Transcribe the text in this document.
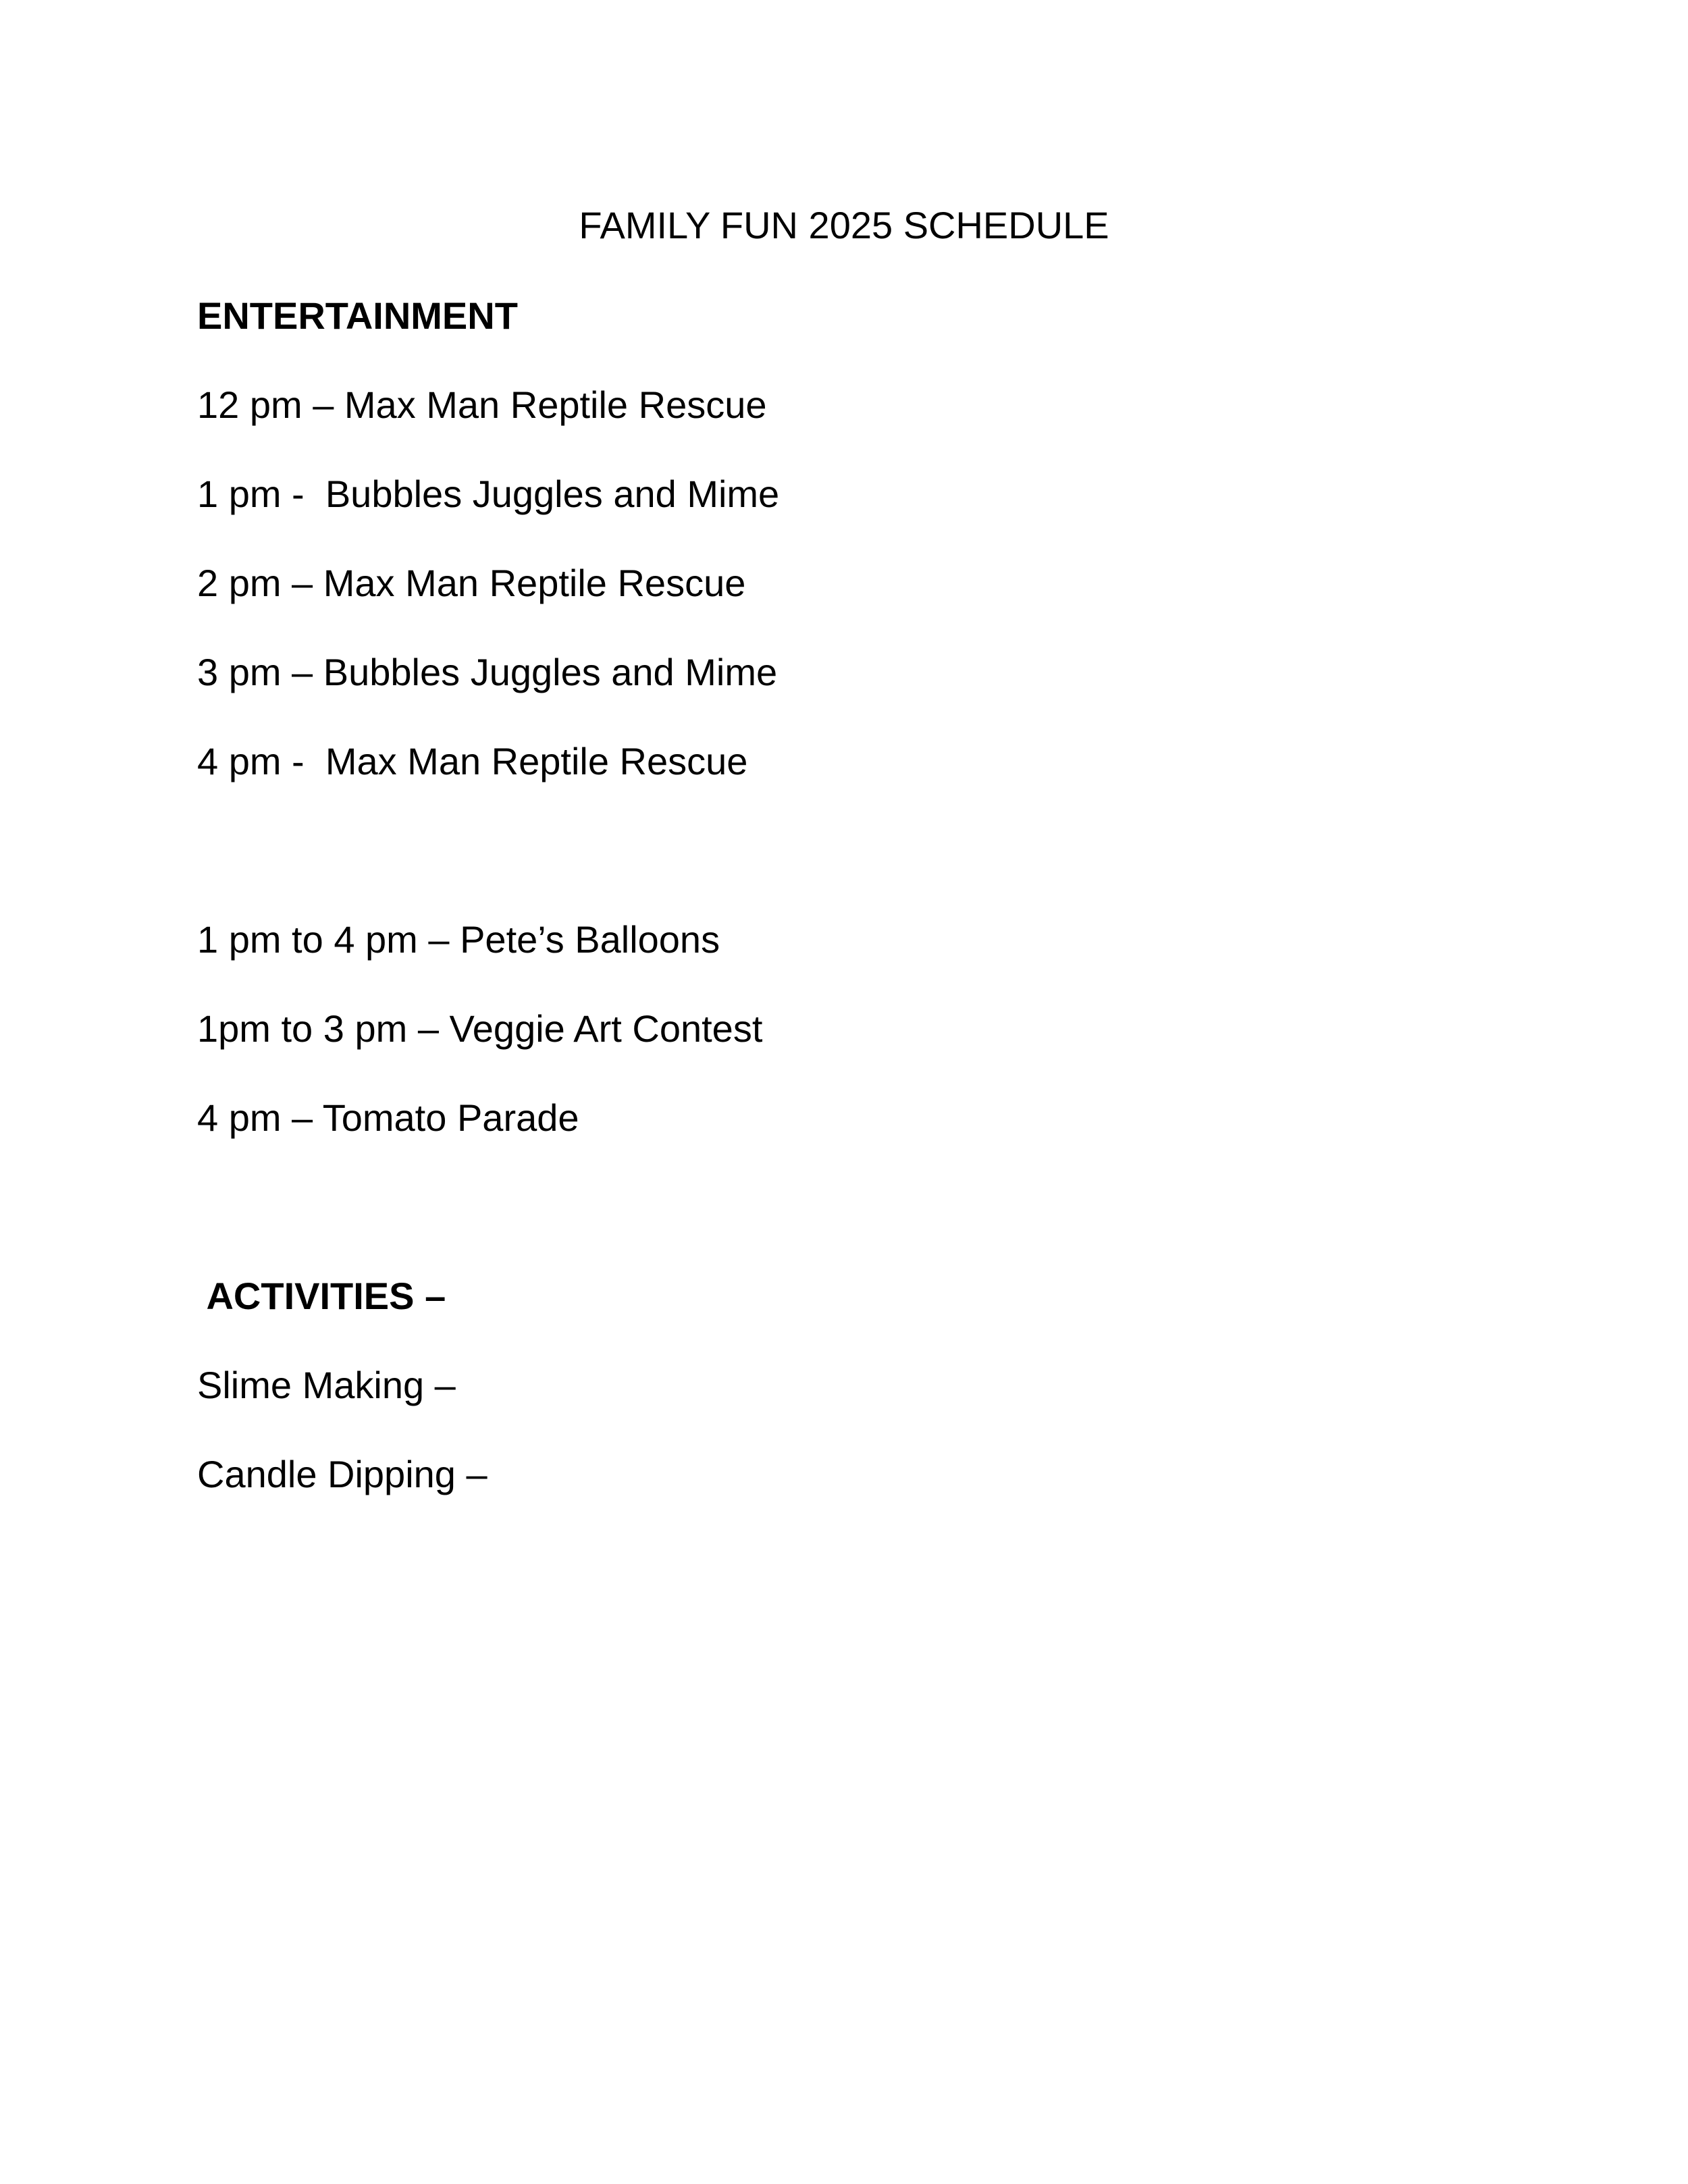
FAMILY FUN 2025 SCHEDULE
ENTERTAINMENT
12 pm – Max Man Reptile Rescue
1 pm -  Bubbles Juggles and Mime
2 pm – Max Man Reptile Rescue
3 pm – Bubbles Juggles and Mime
4 pm -  Max Man Reptile Rescue
1 pm to 4 pm – Pete’s Balloons
1pm to 3 pm – Veggie Art Contest
4 pm – Tomato Parade
ACTIVITIES –
Slime Making –
Candle Dipping –
